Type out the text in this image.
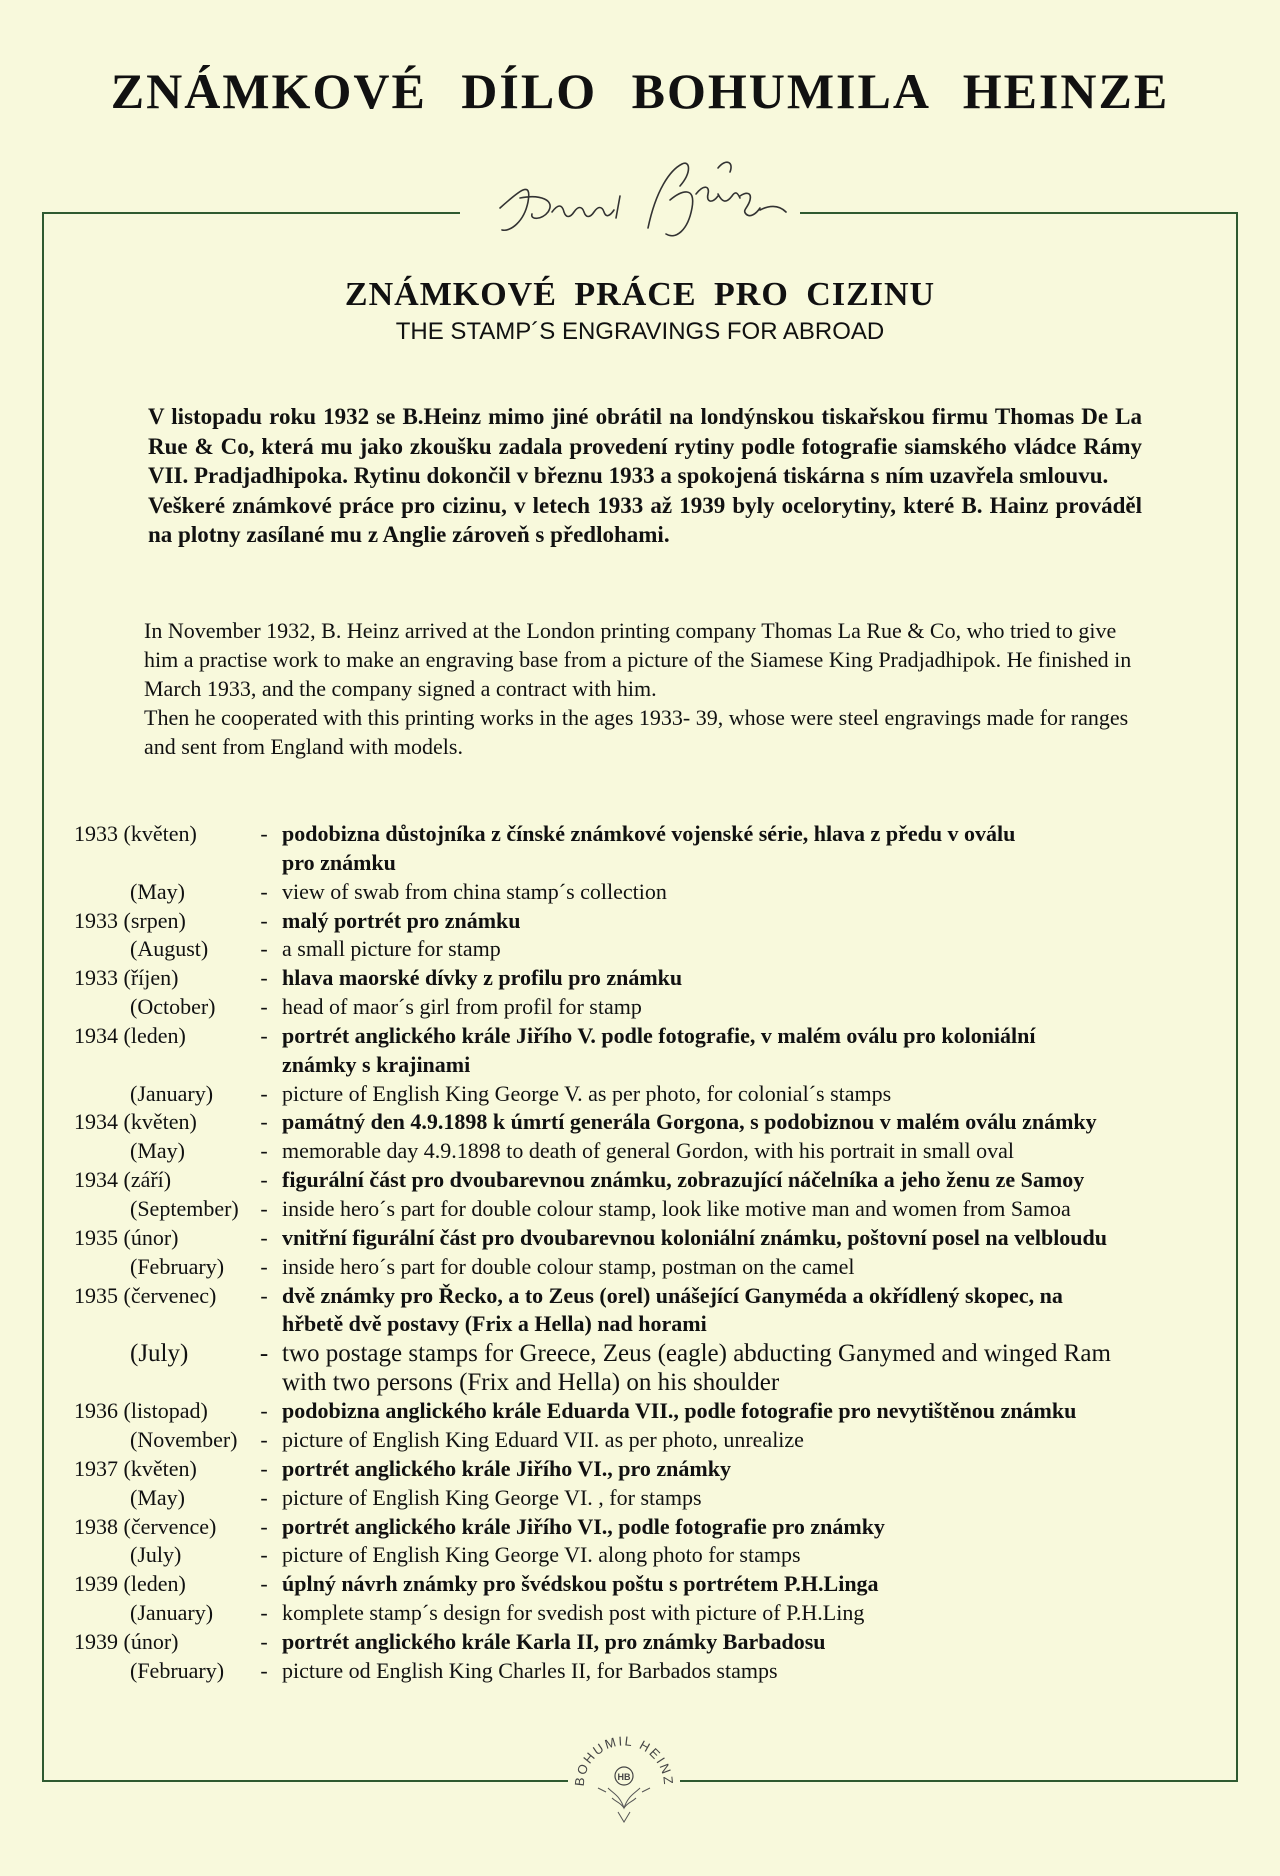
ZNÁMKOVÉ DÍLO BOHUMILA HEINZE
ZNÁMKOVÉ PRÁCE PRO CIZINU
THE STAMP´S ENGRAVINGS FOR ABROAD

V listopadu roku 1932 se B.Heinz mimo jiné obrátil na londýnskou tiskařskou firmu Thomas De La Rue & Co, která mu jako zkoušku zadala provedení rytiny podle fotografie siamského vládce Rámy VII. Pradjadhipoka. Rytinu dokončil v březnu 1933 a spokojená tiskárna s ním uzavřela smlouvu.

Veškeré známkové práce pro cizinu, v letech 1933 až 1939 byly ocelorytiny, které B. Hainz prováděl na plotny zasílané mu z Anglie zároveň s předlohami.

In November 1932, B. Heinz arrived at the London printing company Thomas La Rue & Co, who tried to give him a practise work to make an engraving base from a picture of the Siamese King Pradjadhipok. He finished in March 1933, and the company signed a contract with him.

Then he cooperated with this printing works in the ages 1933- 39, whose were steel engravings made for ranges and sent from England with models.

1933 (květen)	- podobizna důstojníka z čínské známkové vojenské série, hlava z předu v oválu
pro známku
(May)	- view of swab from china stamp´s collection
1933 (srpen)	- malý portrét pro známku
(August)	- a small picture for stamp
1933 (říjen)	- hlava maorské dívky z profilu pro známku
(October)	- head of maor´s girl from profil for stamp
1934 (leden)	- portrét anglického krále Jiřího V. podle fotografie, v malém oválu pro koloniální
známky s krajinami
(January)	- picture of English King George V. as per photo, for colonial´s stamps
1934 (květen)	- památný den 4.9.1898 k úmrtí generála Gorgona, s podobiznou v malém oválu známky
(May)	- memorable day 4.9.1898 to death of general Gordon, with his portrait in small oval
1934 (září)	- figurální část pro dvoubarevnou známku, zobrazující náčelníka a jeho ženu ze Samoy
(September) - inside hero´s part for double colour stamp, look like motive man and women from Samoa
1935 (únor)	- vnitřní figurální část pro dvoubarevnou koloniální známku, poštovní posel na velbloudu
(February)	- inside hero´s part for double colour stamp, postman on the camel
1935 (červenec)	- dvě známky pro Řecko, a to Zeus (orel) unášející Ganyméda a okřídlený skopec, na
hřbetě dvě postavy (Frix a Hella) nad horami
(July)	- two postage stamps for Greece, Zeus (eagle) abducting Ganymed and winged Ram
with two persons (Frix and Hella) on his shoulder
1936 (listopad)	- podobizna anglického krále Eduarda VII., podle fotografie pro nevytištěnou známku
(November)	- picture of English King Eduard VII. as per photo, unrealize
1937 (květen)	- portrét anglického krále Jiřího VI., pro známky
(May)	- picture of English King George VI. , for stamps
1938 (července)	- portrét anglického krále Jiřího VI., podle fotografie pro známky
(July)	- picture of English King George VI. along photo for stamps
1939 (leden)	- úplný návrh známky pro švédskou poštu s portrétem P.H.Linga
(January)	- komplete stamp´s design for svedish post with picture of P.H.Ling
1939 (únor)	- portrét anglického krále Karla II, pro známky Barbadosu
(February)	- picture od English King Charles II, for Barbados stamps
BOHUMIL HEINZ
HB
